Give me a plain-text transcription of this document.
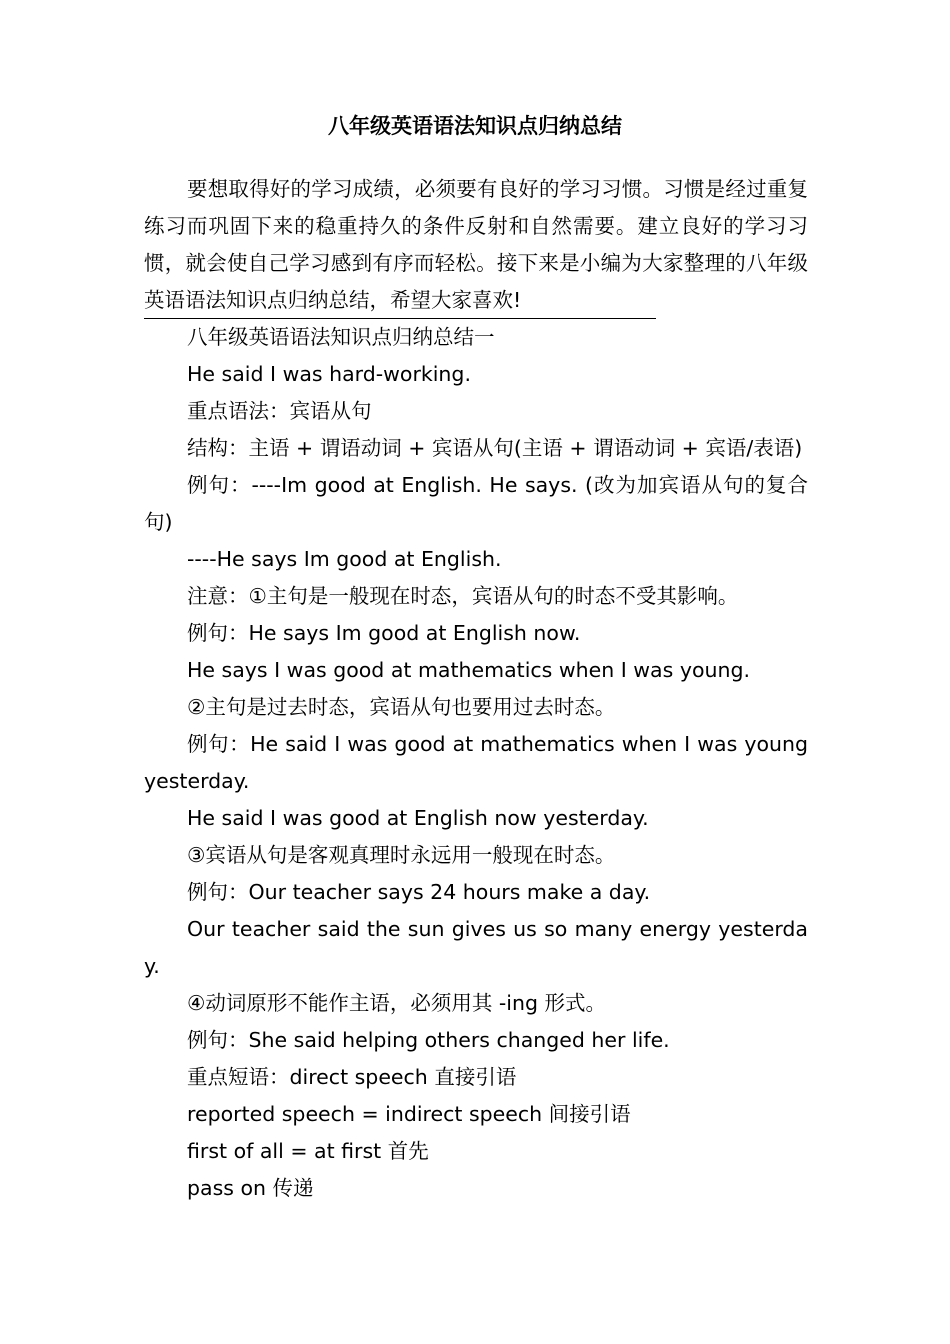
八年级英语语法知识点归纳总结

要想取得好的学习成绩，必须要有良好的学习习惯。习惯是经过重复练习而巩固下来的稳重持久的条件反射和自然需要。建立良好的学习习惯，就会使自己学习感到有序而轻松。接下来是小编为大家整理的八年级英语语法知识点归纳总结，希望大家喜欢!

八年级英语语法知识点归纳总结一

He said I was hard-working.

重点语法：宾语从句

结构：主语 + 谓语动词 + 宾语从句(主语 + 谓语动词 + 宾语/表语)

例句：----Im good at English. He says. (改为加宾语从句的复合句)

----He says Im good at English.

注意：①主句是一般现在时态，宾语从句的时态不受其影响。

例句：He says Im good at English now.

He says I was good at mathematics when I was young.

②主句是过去时态，宾语从句也要用过去时态。

例句：He said I was good at mathematics when I was young yesterday.

He said I was good at English now yesterday.

③宾语从句是客观真理时永远用一般现在时态。

例句：Our teacher says 24 hours make a day.

Our teacher said the sun gives us so many energy yesterday.

④动词原形不能作主语，必须用其 -ing 形式。

例句：She said helping others changed her life.

重点短语：direct speech 直接引语

reported speech = indirect speech 间接引语

first of all = at first 首先

pass on 传递
